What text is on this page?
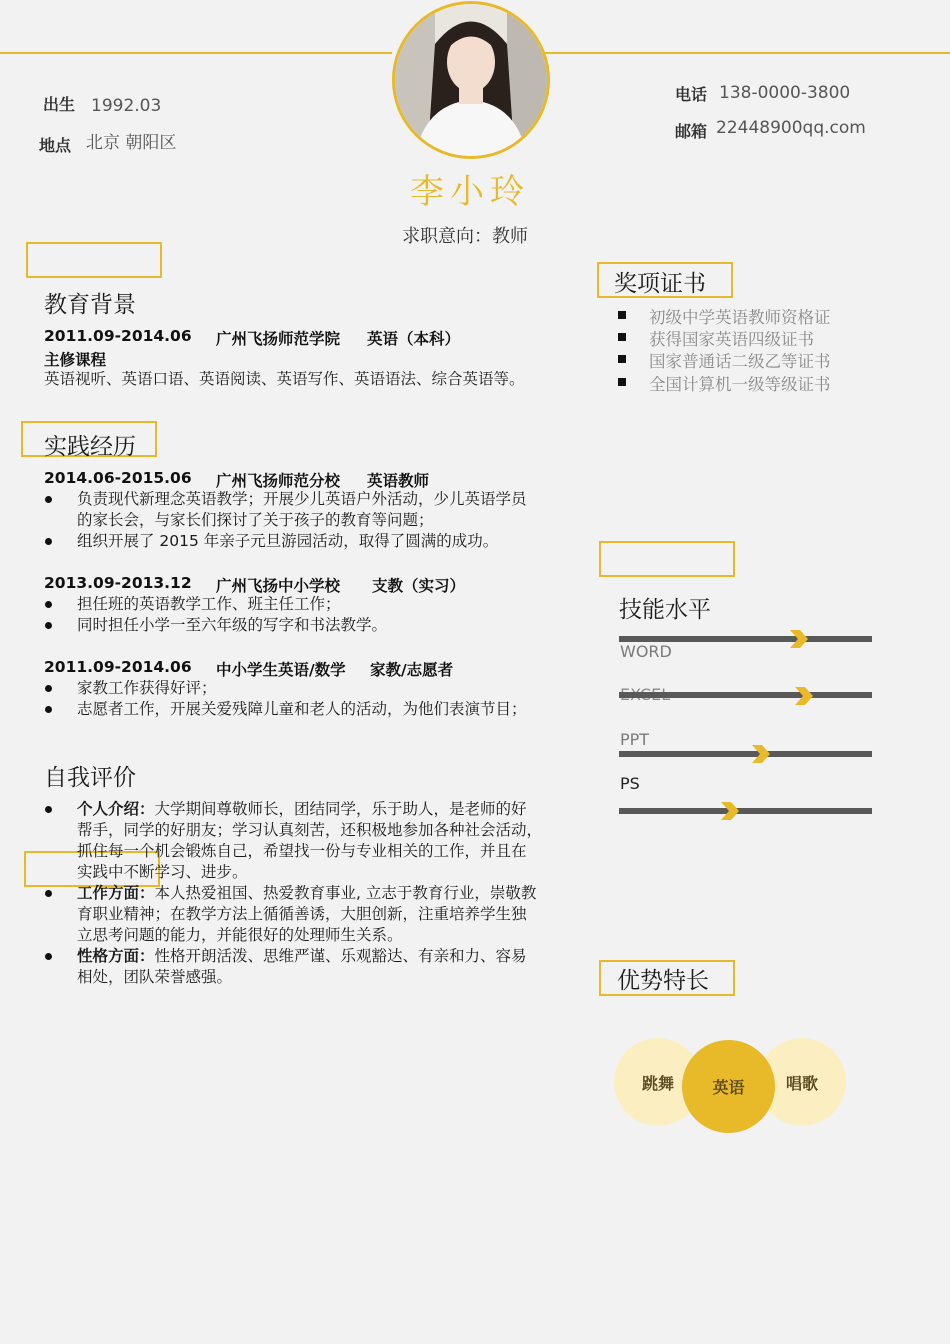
出生 1992.03
地点 北京 朝阳区
电话 138-0000-3800
邮箱 22448900qq.com
李小玲
求职意向：教师
教育背景
2011.09-2014.06 广州飞扬师范学院 英语（本科）
主修课程
英语视听、英语口语、英语阅读、英语写作、英语语法、综合英语等。
实践经历
2014.06-2015.06 广州飞扬师范分校 英语教师
负责现代新理念英语教学；开展少儿英语户外活动，少儿英语学员
的家长会，与家长们探讨了关于孩子的教育等问题；
组织开展了 2015 年亲子元旦游园活动，取得了圆满的成功。
2013.09-2013.12 广州飞扬中小学校 支教（实习）
担任班的英语教学工作、班主任工作；
同时担任小学一至六年级的写字和书法教学。
2011.09-2014.06 中小学生英语/数学 家教/志愿者
家教工作获得好评；
志愿者工作，开展关爱残障儿童和老人的活动，为他们表演节目；
自我评价
个人介绍：大学期间尊敬师长，团结同学，乐于助人，是老师的好
帮手，同学的好朋友；学习认真刻苦，还积极地参加各种社会活动，
抓住每一个机会锻炼自己，希望找一份与专业相关的工作，并且在
实践中不断学习、进步。
工作方面：本人热爱祖国、热爱教育事业, 立志于教育行业，崇敬教
育职业精神；在教学方法上循循善诱，大胆创新，注重培养学生独
立思考问题的能力，并能很好的处理师生关系。
性格方面：性格开朗活泼、思维严谨、乐观豁达、有亲和力、容易
相处，团队荣誉感强。
奖项证书
初级中学英语教师资格证
获得国家英语四级证书
国家普通话二级乙等证书
全国计算机一级等级证书
技能水平
WORD
PPT
PS
优势特长
跳舞	唱歌
英语
